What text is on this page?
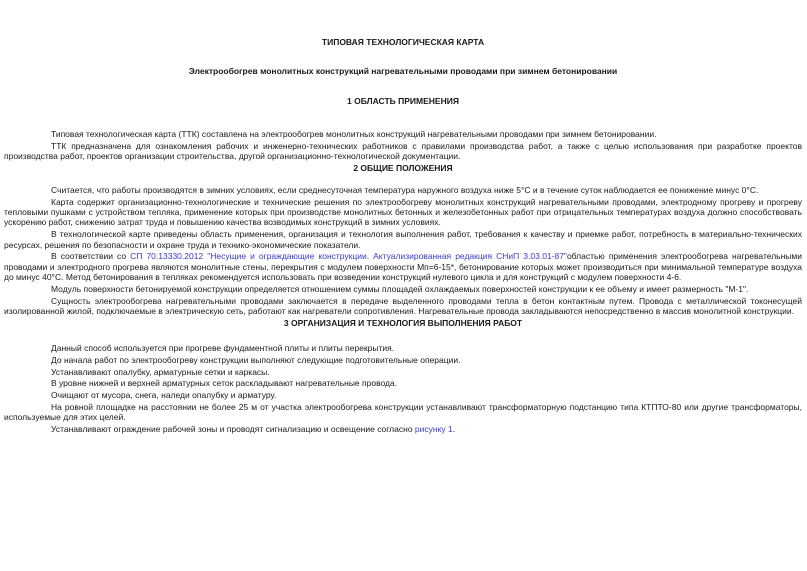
ТИПОВАЯ ТЕХНОЛОГИЧЕСКАЯ КАРТА
Электрообогрев монолитных конструкций нагревательными проводами при зимнем бетонировании
1 ОБЛАСТЬ ПРИМЕНЕНИЯ

Типовая технологическая карта (ТТК) составлена на электрообогрев монолитных конструкций нагревательными проводами при зимнем бетонировании.

ТТК предназначена для ознакомления рабочих и инженерно-технических работников с правилами производства работ, а также с целью использования при разработке проектов производства работ, проектов организации строительства, другой организационно-технологической документации.

2 ОБЩИЕ ПОЛОЖЕНИЯ

Считается, что работы производятся в зимних условиях, если среднесуточная температура наружного воздуха ниже 5°С и в течение суток наблюдается ее понижение минус 0°С.

Карта содержит организационно-технологические и технические решения по электрообогреву монолитных конструкций нагревательными проводами, электродному прогреву и прогреву тепловыми пушками с устройством тепляка, применение которых при производстве монолитных бетонных и железобетонных работ при отрицательных температурах воздуха должно способствовать ускорению работ, снижению затрат труда и повышению качества возводимых конструкций в зимних условиях.

В технологической карте приведены область применения, организация и технология выполнения работ, требования к качеству и приемке работ, потребность в материально-технических ресурсах, решения по безопасности и охране труда и технико-экономические показатели.

В соответствии со СП 70.13330.2012 "Несущие и ограждающие конструкции. Актуализированная редакция СНиП 3.03.01-87"областью применения электрообогрева нагревательными проводами и электродного прогрева являются монолитные стены, перекрытия с модулем поверхности Мп=6-15*, бетонирование которых может производиться при минимальной температуре воздуха до минус 40°С. Метод бетонирования в тепляках рекомендуется использовать при возведении конструкций нулевого цикла и для конструкций с модулем поверхности 4-6.

Модуль поверхности бетонируемой конструкции определяется отношением суммы площадей охлаждаемых поверхностей конструкции к ее объему и имеет размерность "М-1".

Сущность электрообогрева нагревательными проводами заключается в передаче выделенного проводами тепла в бетон контактным путем. Провода с металлической токонесущей изолированной жилой, подключаемые в электрическую сеть, работают как нагреватели сопротивления. Нагревательные провода закладываются непосредственно в массив монолитной конструкции.

3 ОРГАНИЗАЦИЯ И ТЕХНОЛОГИЯ ВЫПОЛНЕНИЯ РАБОТ

Данный способ используется при прогреве фундаментной плиты и плиты перекрытия.

До начала работ по электрообогреву конструкции выполняют следующие подготовительные операции.

Устанавливают опалубку, арматурные сетки и каркасы.

В уровне нижней и верхней арматурных сеток раскладывают нагревательные провода.

Очищают от мусора, снега, наледи опалубку и арматуру.

На ровной площадке на расстоянии не более 25 м от участка электрообогрева конструкции устанавливают трансформаторную подстанцию типа КТПТО-80 или другие трансформаторы, используемые для этих целей.

Устанавливают ограждение рабочей зоны и проводят сигнализацию и освещение согласно рисунку 1.
